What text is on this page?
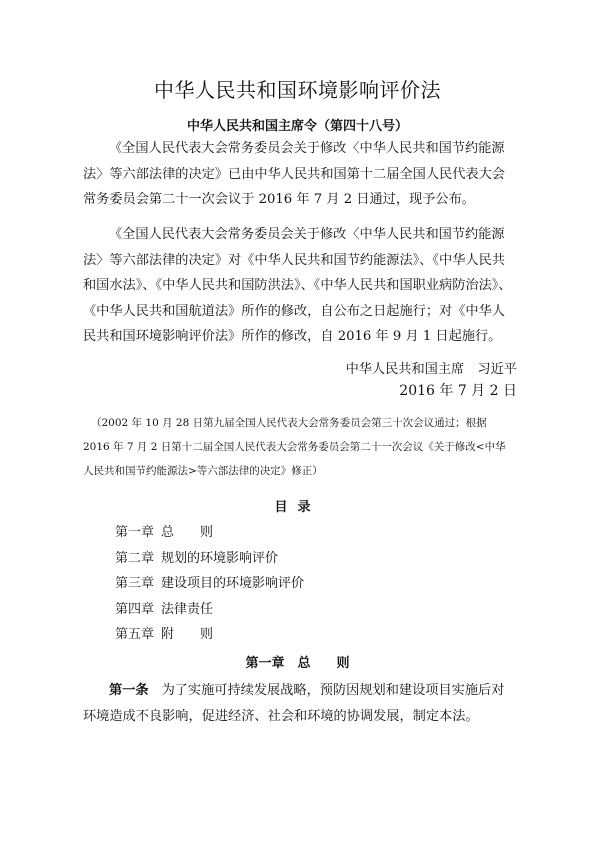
中华人民共和国环境影响评价法
中华人民共和国主席令（第四十八号）

《全国人民代表大会常务委员会关于修改〈中华人民共和国节约能源法〉等六部法律的决定》已由中华人民共和国第十二届全国人民代表大会常务委员会第二十一次会议于 2016 年 7 月 2 日通过，现予公布。

《全国人民代表大会常务委员会关于修改〈中华人民共和国节约能源法〉等六部法律的决定》对《中华人民共和国节约能源法》、《中华人民共和国水法》、《中华人民共和国防洪法》、《中华人民共和国职业病防治法》、《中华人民共和国航道法》所作的修改，自公布之日起施行；对《中华人民共和国环境影响评价法》所作的修改，自 2016 年 9 月 1 日起施行。

中华人民共和国主席　习近平
2016 年 7 月 2 日

（2002 年 10 月 28 日第九届全国人民代表大会常务委员会第三十次会议通过；根据 2016 年 7 月 2 日第十二届全国人民代表大会常务委员会第二十一次会议《关于修改<中华人民共和国节约能源法>等六部法律的决定》修正）

目录
第一章 总　　则
第二章 规划的环境影响评价
第三章 建设项目的环境影响评价
第四章 法律责任
第五章 附　　则
第一章　总　　则

第一条 为了实施可持续发展战略，预防因规划和建设项目实施后对环境造成不良影响，促进经济、社会和环境的协调发展，制定本法。
